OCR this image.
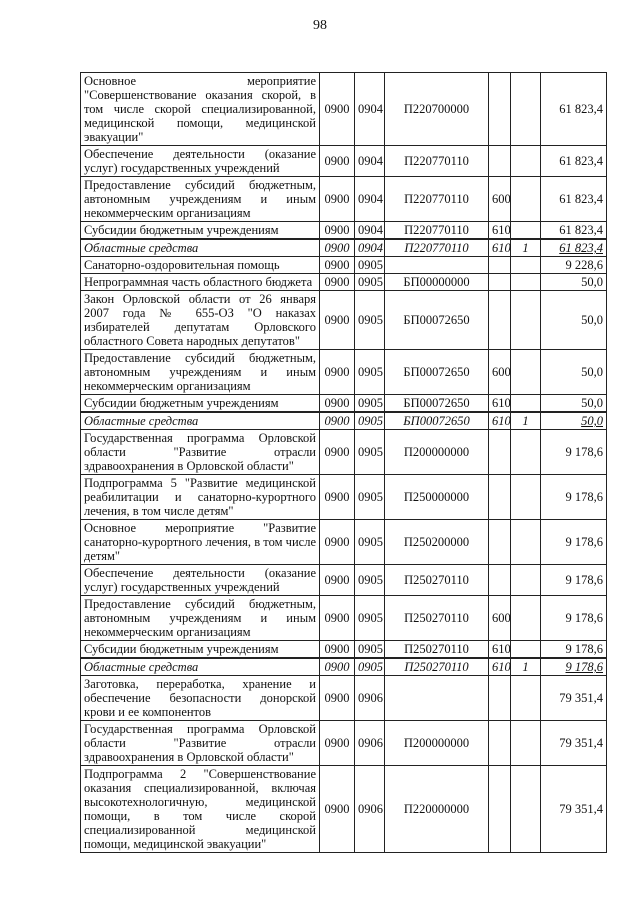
98
Основное мероприятие "Совершенствование оказания скорой, в том числе скорой специализированной, медицинской помощи, медицинской эвакуации"	0900	0904	П220700000			61 823,4
Обеспечение деятельности (оказание услуг) государственных учреждений	0900	0904	П220770110			61 823,4
Предоставление субсидий бюджетным, автономным учреждениям и иным некоммерческим организациям	0900	0904	П220770110	600		61 823,4
Субсидии бюджетным учреждениям	0900	0904	П220770110	610		61 823,4
Областные средства	0900	0904	П220770110	610	1	61 823,4
Санаторно-оздоровительная помощь	0900	0905				9 228,6
Непрограммная часть областного бюджета	0900	0905	БП00000000			50,0
Закон Орловской области от 26 января 2007 года № 655-ОЗ "О наказах избирателей депутатам Орловского областного Совета народных депутатов"	0900	0905	БП00072650			50,0
Предоставление субсидий бюджетным, автономным учреждениям и иным некоммерческим организациям	0900	0905	БП00072650	600		50,0
Субсидии бюджетным учреждениям	0900	0905	БП00072650	610		50,0
Областные средства	0900	0905	БП00072650	610	1	50,0
Государственная программа Орловской области "Развитие отрасли здравоохранения в Орловской области"	0900	0905	П200000000			9 178,6
Подпрограмма 5 "Развитие медицинской реабилитации и санаторно-курортного лечения, в том числе детям"	0900	0905	П250000000			9 178,6
Основное мероприятие "Развитие санаторно-курортного лечения, в том числе детям"	0900	0905	П250200000			9 178,6
Обеспечение деятельности (оказание услуг) государственных учреждений	0900	0905	П250270110			9 178,6
Предоставление субсидий бюджетным, автономным учреждениям и иным некоммерческим организациям	0900	0905	П250270110	600		9 178,6
Субсидии бюджетным учреждениям	0900	0905	П250270110	610		9 178,6
Областные средства	0900	0905	П250270110	610	1	9 178,6
Заготовка, переработка, хранение и обеспечение безопасности донорской крови и ее компонентов	0900	0906				79 351,4
Государственная программа Орловской области "Развитие отрасли здравоохранения в Орловской области"	0900	0906	П200000000			79 351,4
Подпрограмма 2 "Совершенствование оказания специализированной, включая высокотехнологичную, медицинской помощи, в том числе скорой специализированной медицинской помощи, медицинской эвакуации"	0900	0906	П220000000			79 351,4
